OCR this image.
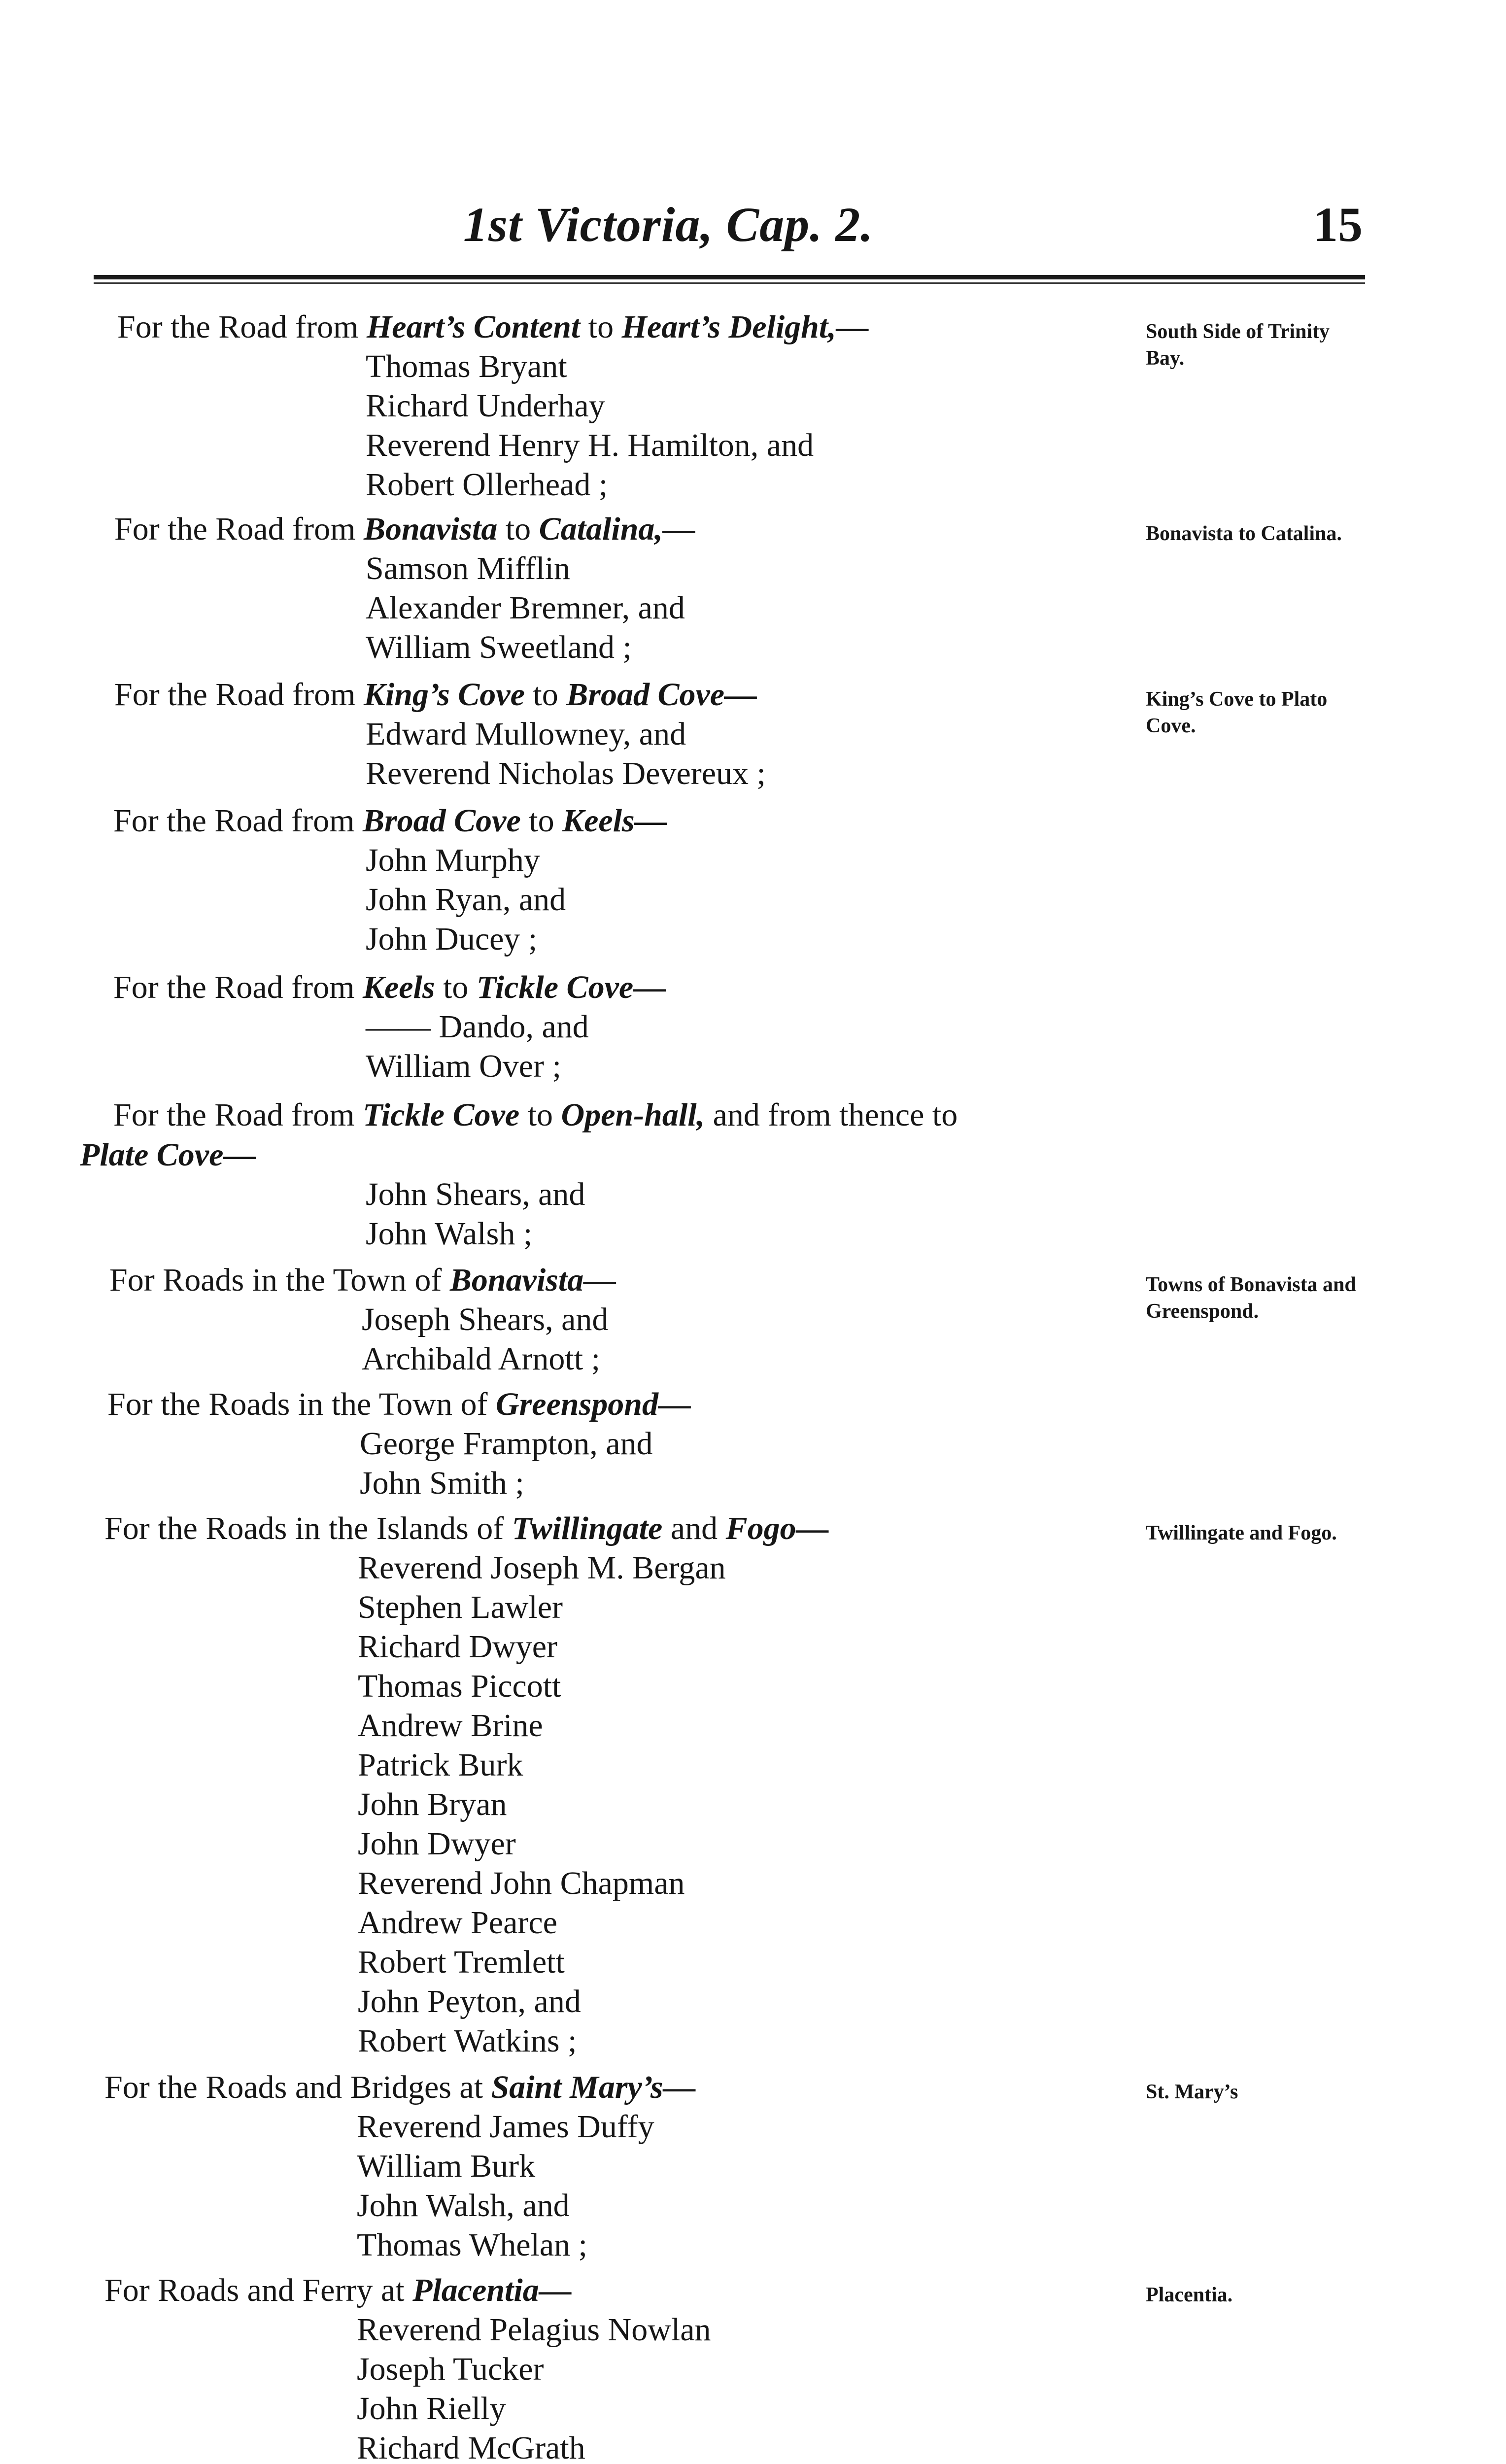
1st Victoria, Cap. 2.	15
For the Road from Heart’s Content to Heart’s Delight,—
Thomas Bryant
Richard Underhay
Reverend Henry H. Hamilton, and
Robert Ollerhead ;
South Side of Trinity Bay.
For the Road from Bonavista to Catalina,—
Samson Mifflin
Alexander Bremner, and
William Sweetland ;
Bonavista to Catalina.
For the Road from King’s Cove to Broad Cove—
Edward Mullowney, and
Reverend Nicholas Devereux ;
King’s Cove to Plato Cove.
For the Road from Broad Cove to Keels—
John Murphy
John Ryan, and
John Ducey ;
For the Road from Keels to Tickle Cove—
—— Dando, and
William Over ;
For the Road from Tickle Cove to Open-hall, and from thence to
Plate Cove—
John Shears, and
John Walsh ;
For Roads in the Town of Bonavista—
Joseph Shears, and
Archibald Arnott ;
Towns of Bonavista and Greenspond.
For the Roads in the Town of Greenspond—
George Frampton, and
John Smith ;
For the Roads in the Islands of Twillingate and Fogo—
Reverend Joseph M. Bergan
Stephen Lawler
Richard Dwyer
Thomas Piccott
Andrew Brine
Patrick Burk
John Bryan
John Dwyer
Reverend John Chapman
Andrew Pearce
Robert Tremlett
John Peyton, and
Robert Watkins ;
Twillingate and Fogo.
For the Roads and Bridges at Saint Mary’s—
Reverend James Duffy
William Burk
John Walsh, and
Thomas Whelan ;
St. Mary’s
For Roads and Ferry at Placentia—
Reverend Pelagius Nowlan
Joseph Tucker
John Rielly
Richard McGrath
Placentia.
